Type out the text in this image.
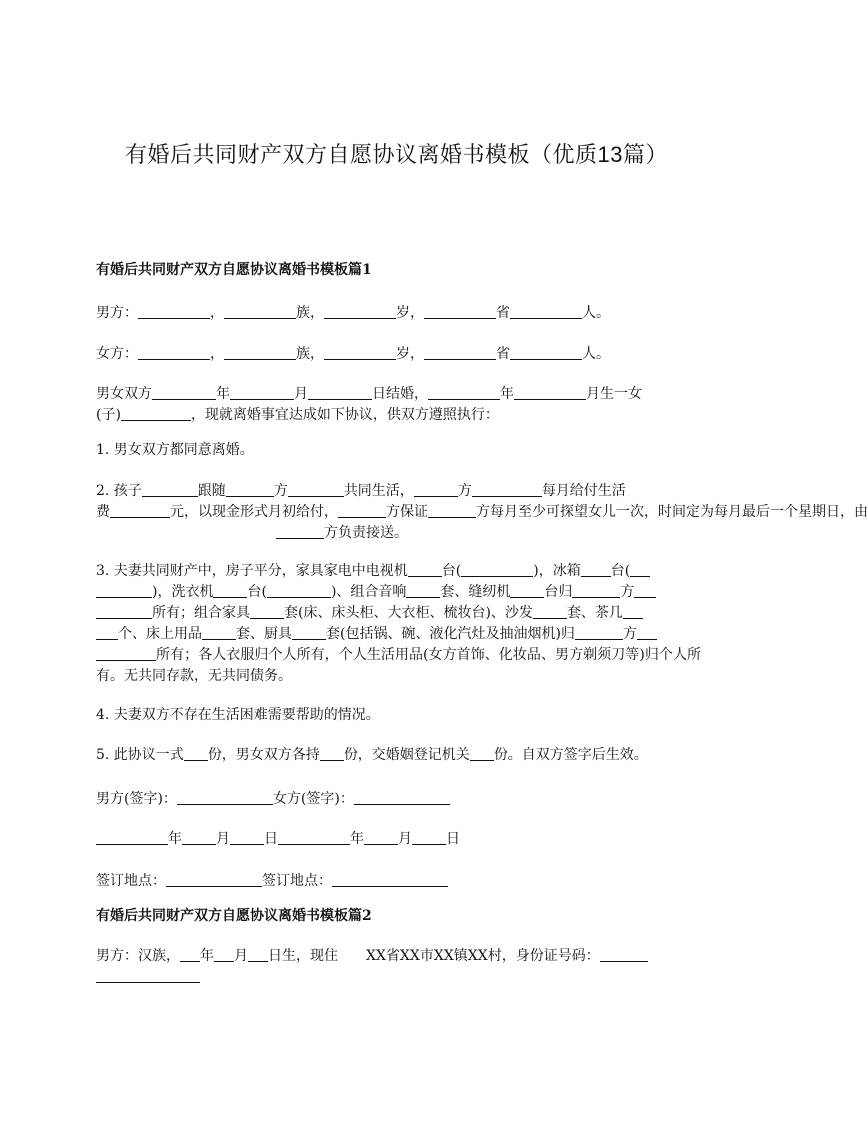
有婚后共同财产双方自愿协议离婚书模板（优质13篇）
有婚后共同财产双方自愿协议离婚书模板篇1
男方：	，	族，	岁，	省	人。
女方：	，	族，	岁，	省	人。
男女双方	年	月	日结婚，	年	月生一女
(子)	，现就离婚事宜达成如下协议，供双方遵照执行：
1. 男女双方都同意离婚。
2. 孩子	跟随	方	共同生活，	方	每月给付生活
费	元，以现金形式月初给付，	方保证	方每月至少可探望女儿一次，时间定为每月最后一个星期日，由
方负责接送。
3. 夫妻共同财产中，房子平分，家具家电中电视机 台(	)，冰箱 台(
)，洗衣机 台(	)、组合音响 套、缝纫机 台归	方
所有；组合家具 套(床、床头柜、大衣柜、梳妆台)、沙发 套、茶几
个、床上用品 套、厨具 套(包括锅、碗、液化汽灶及抽油烟机)归	方
所有；各人衣服归个人所有，个人生活用品(女方首饰、化妆品、男方剃须刀等)归个人所有。无共同存款，无共同债务。
4. 夫妻双方不存在生活困难需要帮助的情况。
5. 此协议一式 份，男女双方各持 份，交婚姻登记机关 份。自双方签字后生效。
男方(签字)：	女方(签字)：
年 月 日	年 月 日
签订地点：	签订地点：
有婚后共同财产双方自愿协议离婚书模板篇2
男方：汉族， 年 月 日生，现住 XX省XX市XX镇XX村，身份证号码：
